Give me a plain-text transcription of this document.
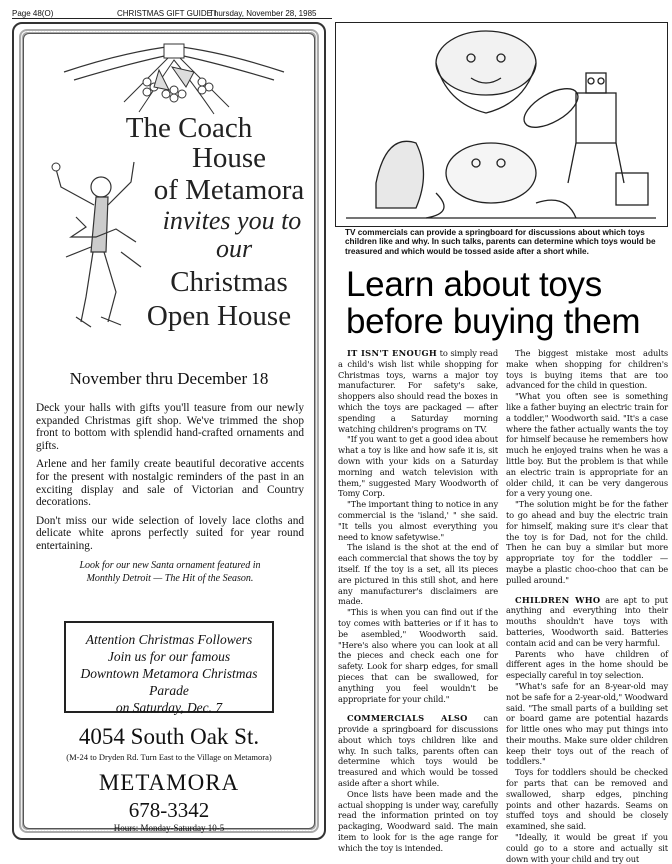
Page 48(O)	CHRISTMAS GIFT GUIDE I
Thursday, November 28, 1985
The Coach
House
of Metamora
invites you to
our
Christmas
Open House
November thru December 18

Deck your halls with gifts you'll teasure from our newly expanded Christmas gift shop. We've trimmed the shop front to bottom with splendid hand-crafted ornaments and gifts.

Arlene and her family create beautiful decorative accents for the present with nostalgic reminders of the past in an exciting display and sale of Victorian and Country decorations.

Don't miss our wide selection of lovely lace cloths and delicate white aprons perfectly suited for year round entertaining.

Look for our new Santa ornament featured in
Monthly Detroit — The Hit of the Season.
Attention Christmas Followers
Join us for our famous
Downtown Metamora Christmas Parade
on Saturday, Dec. 7
4054 South Oak St.
(M-24 to Dryden Rd. Turn East to the Village on Metamora)
METAMORA
678-3342
Hours: Monday-Saturday 10-5
TV commercials can provide a springboard for discussions about which toys children like and why. In such talks, parents can determine which toys would be treasured and which would be tossed aside after a short while.
Learn about toys
before buying them

IT ISN'T ENOUGH to simply read a child's wish list while shopping for Christmas toys, warns a major toy manufacturer. For safety's sake, shoppers also should read the boxes in which the toys are packaged — after spending a Saturday morning watching children's programs on TV.

"If you want to get a good idea about what a toy is like and how safe it is, sit down with your kids on a Saturday morning and watch television with them," suggested Mary Woodworth of Tomy Corp.

"The important thing to notice in any commercial is the 'island,' " she said. "It tells you almost everything you need to know safetywise."

The island is the shot at the end of each commercial that shows the toy by itself. If the toy is a set, all its pieces are pictured in this still shot, and here any manufacturer's disclaimers are made.

"This is when you can find out if the toy comes with batteries or if it has to be asembled," Woodworth said. "Here's also where you can look at all the pieces and check each one for safety. Look for sharp edges, for small pieces that can be swallowed, for anything you feel wouldn't be appropriate for your child."

COMMERCIALS ALSO can provide a springboard for discussions about which toys children like and why. In such talks, parents often can determine which toys would be treasured and which would be tossed aside after a short while.

Once lists have been made and the actual shopping is under way, carefully read the information printed on toy packaging, Woodward said. The main item to look for is the age range for which the toy is intended.

The biggest mistake most adults make when shopping for children's toys is buying items that are too advanced for the child in question.

"What you often see is something like a father buying an electric train for a toddler," Woodworth said. "It's a case where the father actually wants the toy for himself because he remembers how much he enjoyed trains when he was a little boy. But the problem is that while an electric train is appropriate for an older child, it can be very dangerous for a very young one.

"The solution might be for the father to go ahead and buy the electric train for himself, making sure it's clear that the toy is for Dad, not for the child. Then he can buy a similar but more appropriate toy for the toddler — maybe a plastic choo-choo that can be pulled around."

CHILDREN WHO are apt to put anything and everything into their mouths shouldn't have toys with batteries, Woodworth said. Batteries contain acid and can be very harmful.

Parents who have children of different ages in the home should be especially careful in toy selection.

"What's safe for an 8-year-old may not be safe for a 2-year-old," Woodward said. "The small parts of a building set or board game are potential hazards for little ones who may put things into their mouths. Make sure older children keep their toys out of the reach of toddlers."

Toys for toddlers should be checked for parts that can be removed and swallowed, sharp edges, pinching points and other hazards. Seams on stuffed toys and should be closely examined, she said.

"Ideally, it would be great if you could go to a store and actually sit down with your child and try out
